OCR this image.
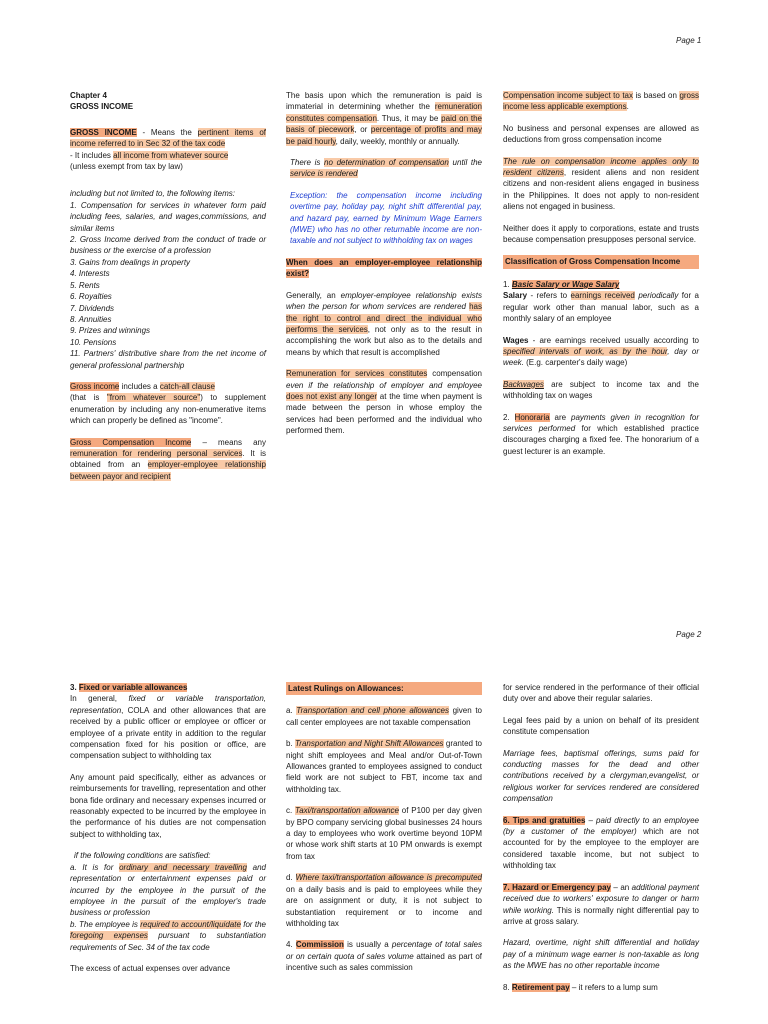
Page 1

Chapter 4

GROSS INCOME

GROSS INCOME - Means the pertinent items of income referred to in Sec 32 of the tax code

- It includes all income from whatever source

(unless exempt from tax by law)

including but not limited to, the following items:

1. Compensation for services in whatever form paid including fees, salaries, and wages,commissions, and similar items
2. Gross Income derived from the conduct of trade or business or the exercise of a profession
3. Gains from dealings in property
4. Interests
5. Rents
6. Royalties
7. Dividends
8. Annuities
9. Prizes and winnings
10. Pensions
11. Partners' distributive share from the net income of general professional partnership

Gross income includes a catch-all clause
(that is "from whatever source") to supplement enumeration by including any non-enumerative items which can properly be defined as "income".

Gross Compensation Income – means any remuneration for rendering personal services. It is obtained from an employer-employee relationship between payor and recipient

The basis upon which the remuneration is paid is immaterial in determining whether the remuneration constitutes compensation. Thus, it may be paid on the basis of piecework, or percentage of profits and may be paid hourly, daily, weekly, monthly or annually.

There is no determination of compensation until the service is rendered

Exception: the compensation income including overtime pay, holiday pay, night shift differential pay, and hazard pay, earned by Minimum Wage Earners (MWE) who has no other returnable income are non-taxable and not subject to withholding tax on wages

When does an employer-employee relationship exist?

Generally, an employer-employee relationship exists when the person for whom services are rendered has the right to control and direct the individual who performs the services, not only as to the result in accomplishing the work but also as to the details and means by which that result is accomplished

Remuneration for services constitutes compensation even if the relationship of employer and employee does not exist any longer at the time when payment is made between the person in whose employ the services had been performed and the individual who performed them.

Compensation income subject to tax is based on gross income less applicable exemptions.

No business and personal expenses are allowed as deductions from gross compensation income

The rule on compensation income applies only to resident citizens, resident aliens and non resident citizens and non-resident aliens engaged in business in the Philippines. It does not apply to non-resident aliens not engaged in business.

Neither does it apply to corporations, estate and trusts because compensation presupposes personal service.

Classification of Gross Compensation Income

1. Basic Salary or Wage Salary

Salary - refers to earnings received periodically for a regular work other than manual labor, such as a monthly salary of an employee

Wages - are earnings received usually according to specified intervals of work, as by the hour, day or week. (E.g. carpenter's daily wage)

Backwages are subject to income tax and the withholding tax on wages

2. Honoraria are payments given in recognition for services performed for which established practice discourages charging a fixed fee. The honorarium of a guest lecturer is an example.

Page 2

3. Fixed or variable allowances

In general, fixed or variable transportation, representation, COLA and other allowances that are received by a public officer or employee or officer or employee of a private entity in addition to the regular compensation fixed for his position or office, are compensation subject to withholding tax

Any amount paid specifically, either as advances or reimbursements for travelling, representation and other bona fide ordinary and necessary expenses incurred or reasonably expected to be incurred by the employee in the performance of his duties are not compensation subject to withholding tax,

if the following conditions are satisfied:

a. It is for ordinary and necessary travelling and representation or entertainment expenses paid or incurred by the employee in the pursuit of the employee in the pursuit of the employer's trade business or profession

b. The employee is required to account/liquidate for the foregoing expenses pursuant to substantiation requirements of Sec. 34 of the tax code

The excess of actual expenses over advance

Latest Rulings on Allowances:

a. Transportation and cell phone allowances given to call center employees are not taxable compensation

b. Transportation and Night Shift Allowances granted to night shift employees and Meal and/or Out-of-Town Allowances granted to employees assigned to conduct field work are not subject to FBT, income tax and withholding tax.

c. Taxi/transportation allowance of P100 per day given by BPO company servicing global businesses 24 hours a day to employees who work overtime beyond 10PM or whose work shift starts at 10 PM onwards is exempt from tax

d. Where taxi/transportation allowance is precomputed on a daily basis and is paid to employees while they are on assignment or duty, it is not subject to substantiation requirement or to income and withholding tax

4. Commission is usually a percentage of total sales or on certain quota of sales volume attained as part of incentive such as sales commission

for service rendered in the performance of their official duty over and above their regular salaries.

Legal fees paid by a union on behalf of its president constitute compensation

Marriage fees, baptismal offerings, sums paid for conducting masses for the dead and other contributions received by a clergyman,evangelist, or religious worker for services rendered are considered compensation

6. Tips and gratuities – paid directly to an employee (by a customer of the employer) which are not accounted for by the employee to the employer are considered taxable income, but not subject to withholding tax

7. Hazard or Emergency pay – an additional payment received due to workers' exposure to danger or harm while working. This is normally night differential pay to arrive at gross salary.

Hazard, overtime, night shift differential and holiday pay of a minimum wage earner is non-taxable as long as the MWE has no other reportable income

8. Retirement pay – it refers to a lump sum
